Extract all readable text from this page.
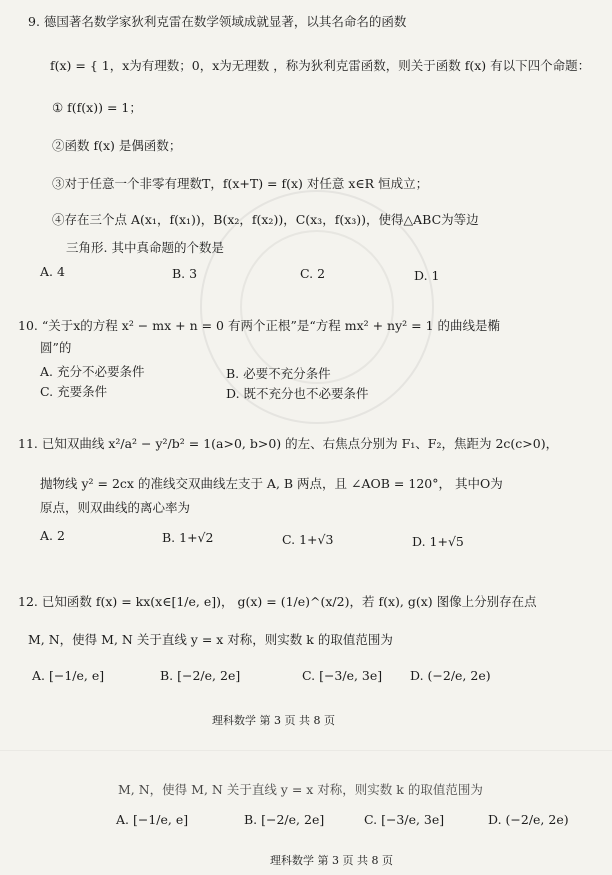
9. 德国著名数学家狄利克雷在数学领域成就显著，以其名命名的函数
f(x) = { 1，x为有理数；0，x为无理数 ，称为狄利克雷函数，则关于函数 f(x) 有以下四个命题：
① f(f(x)) = 1；
②函数 f(x) 是偶函数；
③对于任意一个非零有理数T，f(x+T) = f(x) 对任意 x∈R 恒成立；
④存在三个点 A(x₁，f(x₁))，B(x₂，f(x₂))，C(x₃，f(x₃))，使得△ABC为等边
三角形. 其中真命题的个数是
A. 4	B. 3	C. 2	D. 1
10. “关于x的方程 x² − mx + n = 0 有两个正根”是“方程 mx² + ny² = 1 的曲线是椭
圆”的
A. 充分不必要条件	B. 必要不充分条件
C. 充要条件	D. 既不充分也不必要条件
11. 已知双曲线 x²/a² − y²/b² = 1(a>0, b>0) 的左、右焦点分别为 F₁、F₂，焦距为 2c(c>0)，
抛物线 y² = 2cx 的准线交双曲线左支于 A, B 两点，且 ∠AOB = 120°， 其中O为
原点，则双曲线的离心率为
A. 2	B. 1+√2	C. 1+√3	D. 1+√5
12. 已知函数 f(x) = kx(x∈[1/e, e])， g(x) = (1/e)^(x/2)，若 f(x), g(x) 图像上分别存在点
M, N，使得 M, N 关于直线 y = x 对称，则实数 k 的取值范围为
A. [−1/e, e]	B. [−2/e, 2e]	C. [−3/e, 3e] D. (−2/e, 2e)
理科数学 第 3 页 共 8 页
M, N，使得 M, N 关于直线 y = x 对称，则实数 k 的取值范围为
A. [−1/e, e]	B. [−2/e, 2e]	C. [−3/e, 3e]	D. (−2/e, 2e)
理科数学 第 3 页 共 8 页
